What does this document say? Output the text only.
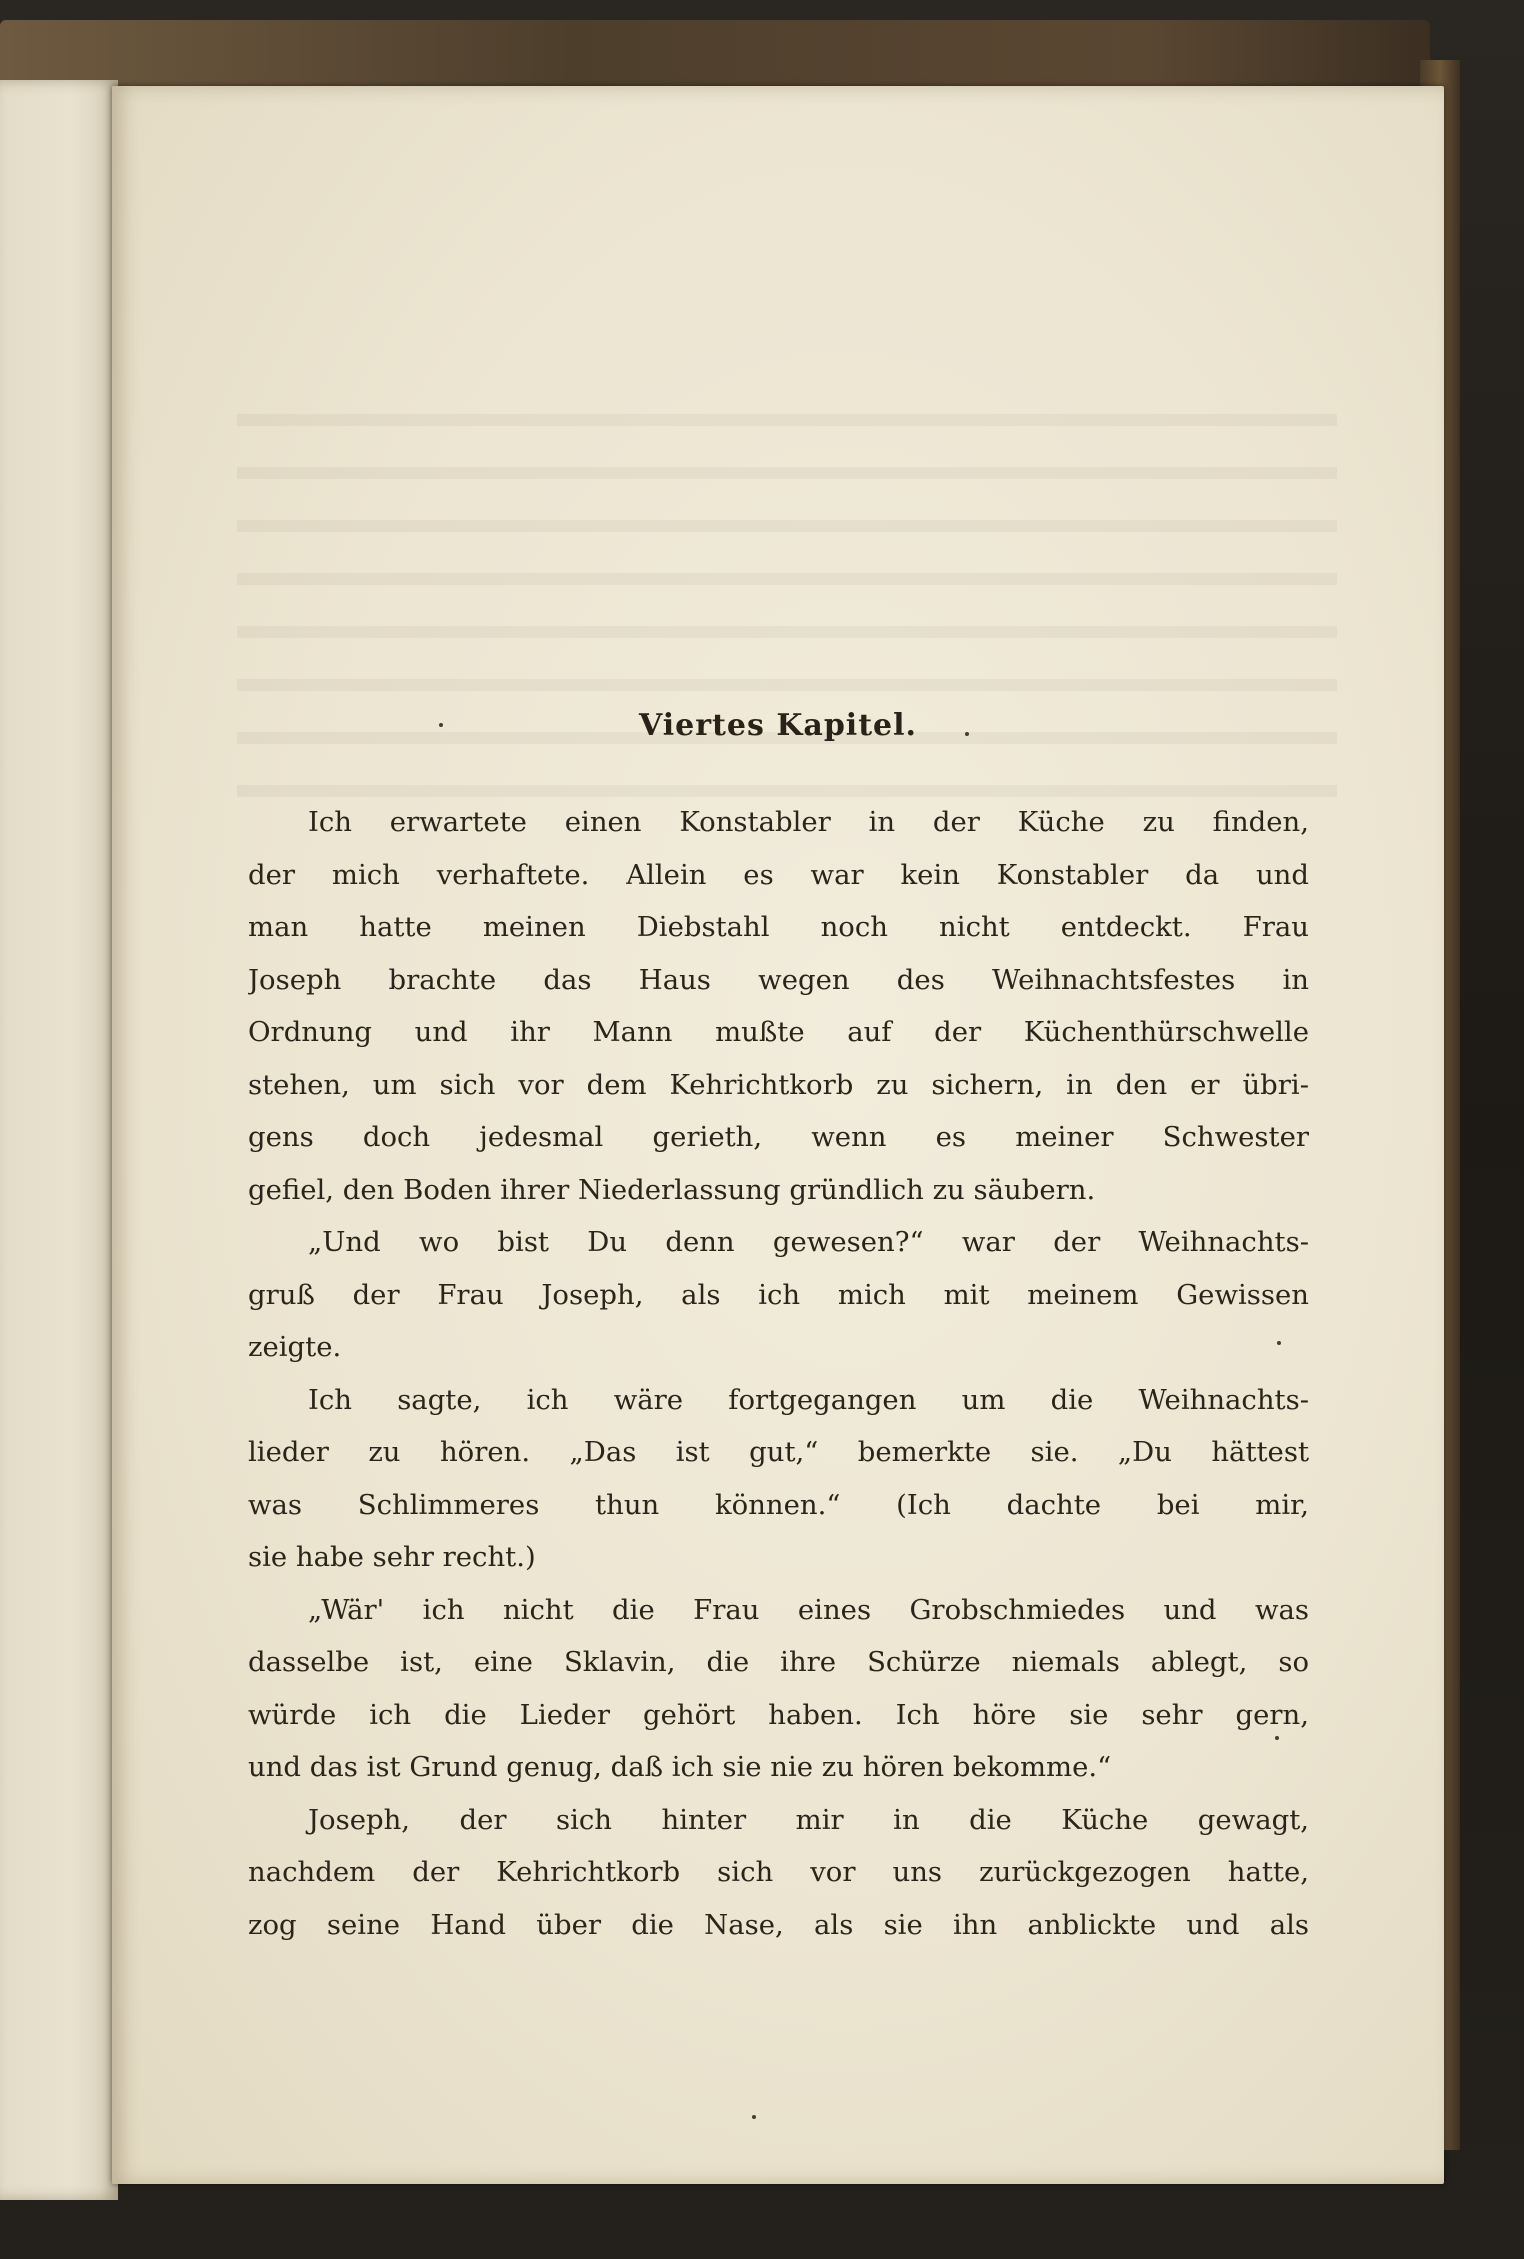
Viertes Kapitel.
Ich erwartete einen Konstabler in der Küche zu finden,
der mich verhaftete. Allein es war kein Konstabler da und
man hatte meinen Diebstahl noch nicht entdeckt. Frau
Joseph brachte das Haus wegen des Weihnachtsfestes in
Ordnung und ihr Mann mußte auf der Küchenthürschwelle
stehen, um sich vor dem Kehrichtkorb zu sichern, in den er übri-
gens doch jedesmal gerieth, wenn es meiner Schwester
gefiel, den Boden ihrer Niederlassung gründlich zu säubern.
„Und wo bist Du denn gewesen?“ war der Weihnachts-
gruß der Frau Joseph, als ich mich mit meinem Gewissen
zeigte.
Ich sagte, ich wäre fortgegangen um die Weihnachts-
lieder zu hören. „Das ist gut,“ bemerkte sie. „Du hättest
was Schlimmeres thun können.“ (Ich dachte bei mir,
sie habe sehr recht.)
„Wär' ich nicht die Frau eines Grobschmiedes und was
dasselbe ist, eine Sklavin, die ihre Schürze niemals ablegt, so
würde ich die Lieder gehört haben. Ich höre sie sehr gern,
und das ist Grund genug, daß ich sie nie zu hören bekomme.“
Joseph, der sich hinter mir in die Küche gewagt,
nachdem der Kehrichtkorb sich vor uns zurückgezogen hatte,
zog seine Hand über die Nase, als sie ihn anblickte und als
